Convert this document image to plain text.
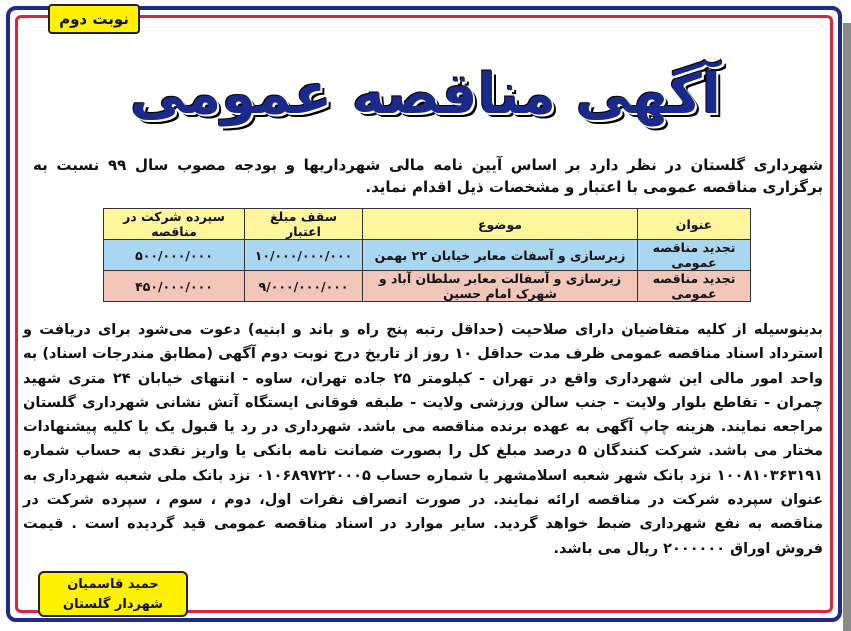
نوبت دوم
آگهی مناقصه عمومی
شهرداری گلستان در نظر دارد بر اساس آیین نامه مالی شهرداریها و بودجه مصوب سال ۹۹ نسبت به برگزاری مناقصه عمومی با اعتبار و مشخصات ذیل اقدام نماید.
عنوان	موضوع	سقف مبلغ اعتبار	سپرده شرکت در مناقصه
تجدید مناقصه عمومی	زیرسازی و آسفات معابر خیابان ۲۲ بهمن	۱۰/۰۰۰/۰۰۰/۰۰۰	۵۰۰/۰۰۰/۰۰۰
تجدید مناقصه عمومی	زیرسازی و آسفالت معابر سلطان آباد و شهرک امام حسین	۹/۰۰۰/۰۰۰/۰۰۰	۴۵۰/۰۰۰/۰۰۰
بدینوسیله از کلیه متقاضیان دارای صلاحیت (حداقل رتبه پنج راه و باند و ابنیه) دعوت می‌شود برای دریافت و استرداد اسناد مناقصه عمومی ظرف مدت حداقل ۱۰ روز از تاریخ درج نوبت دوم آگهی (مطابق مندرجات اسناد) به واحد امور مالی این شهرداری واقع در تهران - کیلومتر ۲۵ جاده تهران، ساوه - انتهای خیابان ۲۴ متری شهید چمران - تقاطع بلوار ولایت - جنب سالن ورزشی ولایت - طبقه فوقانی ایستگاه آتش نشانی شهرداری گلستان مراجعه نمایند. هزینه چاپ آگهی به عهده برنده مناقصه می باشد. شهرداری در رد یا قبول یک یا کلیه پیشنهادات مختار می باشد. شرکت کنندگان ۵ درصد مبلغ کل را بصورت ضمانت نامه بانکی یا واریز نقدی به حساب شماره ۱۰۰۸۱۰۳۶۳۱۹۱ نزد بانک شهر شعبه اسلامشهر یا شماره حساب ۰۱۰۶۸۹۷۲۲۰۰۰۵ نزد بانک ملی شعبه شهرداری به عنوان سپرده شرکت در مناقصه ارائه نمایند. در صورت انصراف نفرات اول، دوم ، سوم ، سپرده شرکت در مناقصه به نفع شهرداری ضبط خواهد گردید. سایر موارد در اسناد مناقصه عمومی قید گردیده است . قیمت فروش اوراق ۲۰۰۰۰۰۰ ریال می باشد.
حمید قاسمیان
شهردار گلستان
